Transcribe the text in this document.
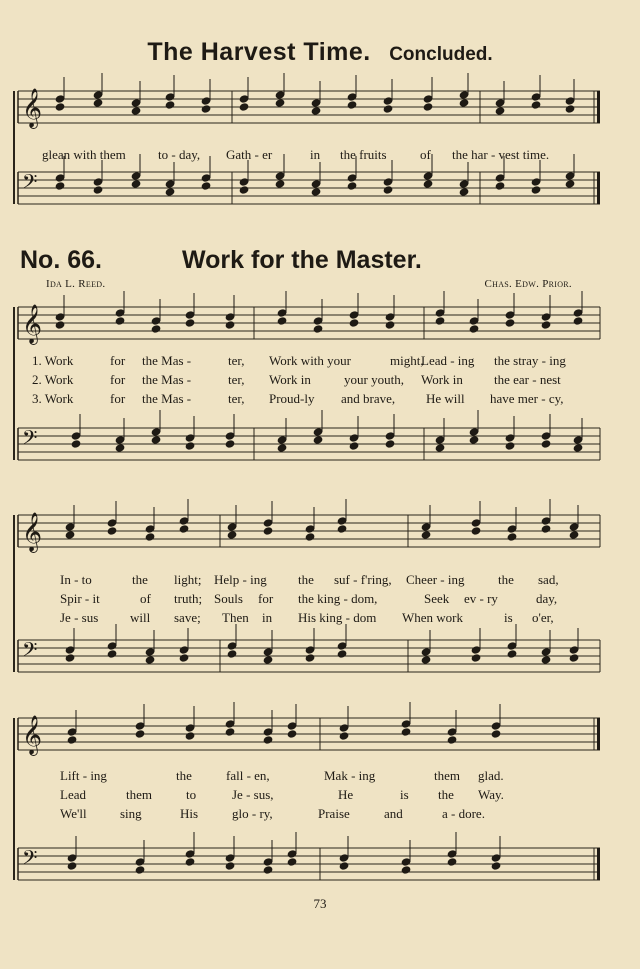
The Harvest Time. Concluded.
𝄞
𝄢
𝄞
𝄢
𝄞
𝄢
𝄞
𝄢
glean with them to - day, Gath - er	in the fruits	of the har - vest time.
No. 66.	Work for the Master.
Ida L. Reed.	Chas. Edw. Prior.
1. Work	for the Mas -	ter, Work with your	might,
Lead - ing the stray - ing
2. Work	for the Mas -	ter, Work in	your youth, Work in the ear - nest
3. Work	for the Mas -	ter, Proud-ly and brave, He will have mer - cy,
In - to	the light; Help - ing the suf - f'ring, Cheer - ing	the sad,
Spir - it	of truth; Souls for the king - dom,	Seek ev - ry	day,
Je - sus will save; Then in His king - dom When work	is o'er,
Lift - ing	the	fall - en,	Mak - ing	them glad.
Lead	them	to	Je - sus,	He	is the Way.
We'll	sing	His	glo - ry,	Praise	and	a - dore.
73
